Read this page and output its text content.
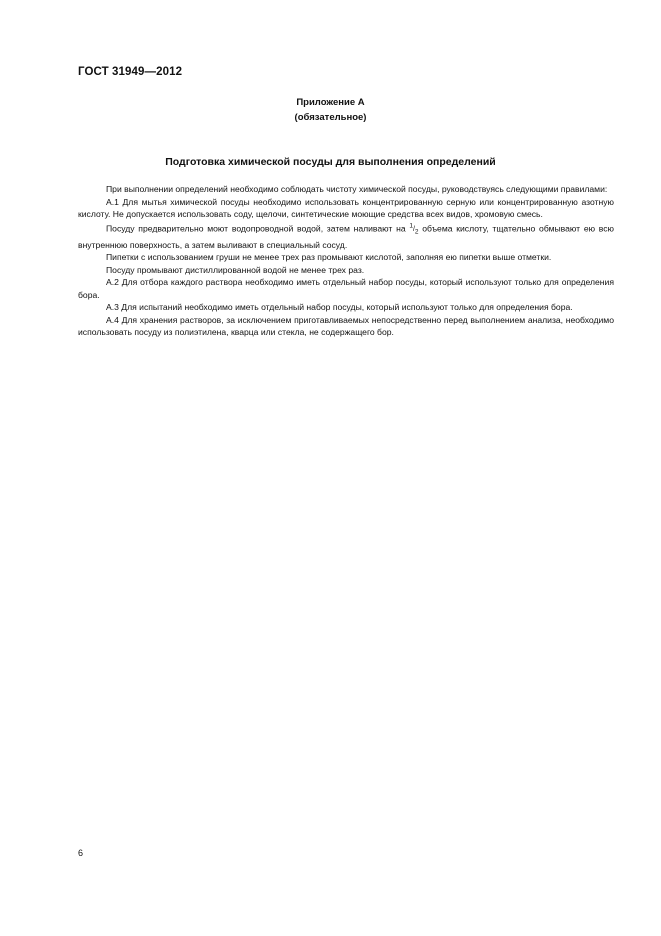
ГОСТ 31949—2012
Приложение А
(обязательное)
Подготовка химической посуды для выполнения определений

При выполнении определений необходимо соблюдать чистоту химической посуды, руководствуясь следующими правилами:

А.1 Для мытья химической посуды необходимо использовать концентрированную серную или концентрированную азотную кислоту. Не допускается использовать соду, щелочи, синтетические моющие средства всех видов, хромовую смесь.

Посуду предварительно моют водопроводной водой, затем наливают на $^1/_2$ объема кислоту, тщательно обмывают ею всю внутреннюю поверхность, а затем выливают в специальный сосуд.

Пипетки с использованием груши не менее трех раз промывают кислотой, заполняя ею пипетки выше отметки.

Посуду промывают дистиллированной водой не менее трех раз.

А.2 Для отбора каждого раствора необходимо иметь отдельный набор посуды, который используют только для определения бора.

А.3 Для испытаний необходимо иметь отдельный набор посуды, который используют только для определения бора.

А.4 Для хранения растворов, за исключением приготавливаемых непосредственно перед выполнением анализа, необходимо использовать посуду из полиэтилена, кварца или стекла, не содержащего бор.

6
